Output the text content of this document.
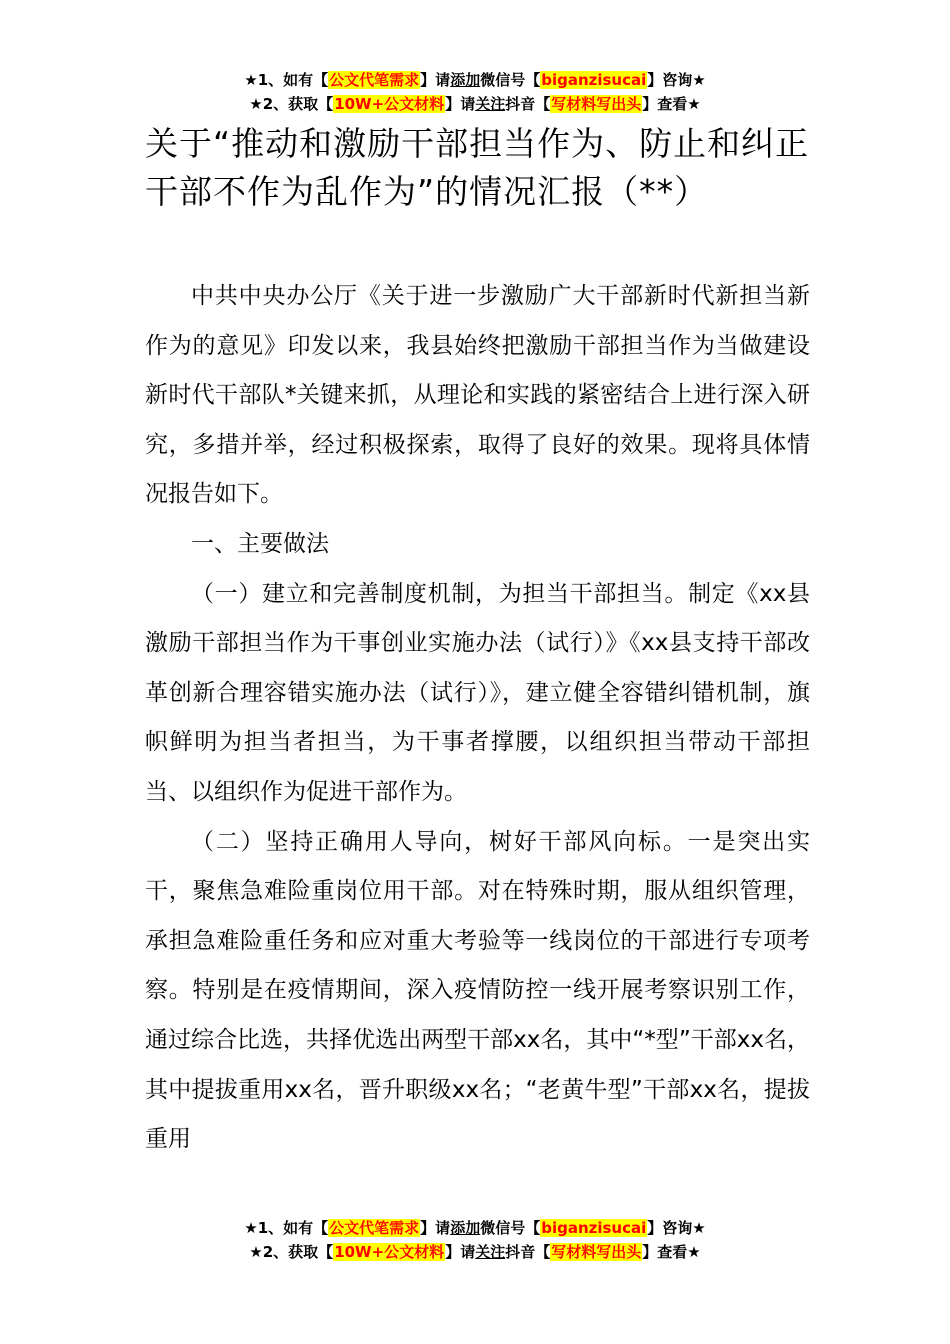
★1、如有【公文代笔需求】请添加微信号【biganzisucai】咨询★
★2、获取【10W+公文材料】请关注抖音【写材料写出头】查看★
关于“推动和激励干部担当作为、防止和纠正干部不作为乱作为”的情况汇报（**）

中共中央办公厅《关于进一步激励广大干部新时代新担当新作为的意见》印发以来，我县始终把激励干部担当作为当做建设新时代干部队*关键来抓，从理论和实践的紧密结合上进行深入研究，多措并举，经过积极探索，取得了良好的效果。现将具体情况报告如下。

一、主要做法

（一）建立和完善制度机制，为担当干部担当。制定《xx县激励干部担当作为干事创业实施办法（试行）》《xx县支持干部改革创新合理容错实施办法（试行）》，建立健全容错纠错机制，旗帜鲜明为担当者担当，为干事者撑腰，以组织担当带动干部担当、以组织作为促进干部作为。

（二）坚持正确用人导向，树好干部风向标。一是突出实干，聚焦急难险重岗位用干部。对在特殊时期，服从组织管理，承担急难险重任务和应对重大考验等一线岗位的干部进行专项考察。特别是在疫情期间，深入疫情防控一线开展考察识别工作，通过综合比选，共择优选出两型干部xx名，其中“*型”干部xx名，其中提拔重用xx名，晋升职级xx名；“老黄牛型”干部xx名，提拔重用

★1、如有【公文代笔需求】请添加微信号【biganzisucai】咨询★
★2、获取【10W+公文材料】请关注抖音【写材料写出头】查看★
